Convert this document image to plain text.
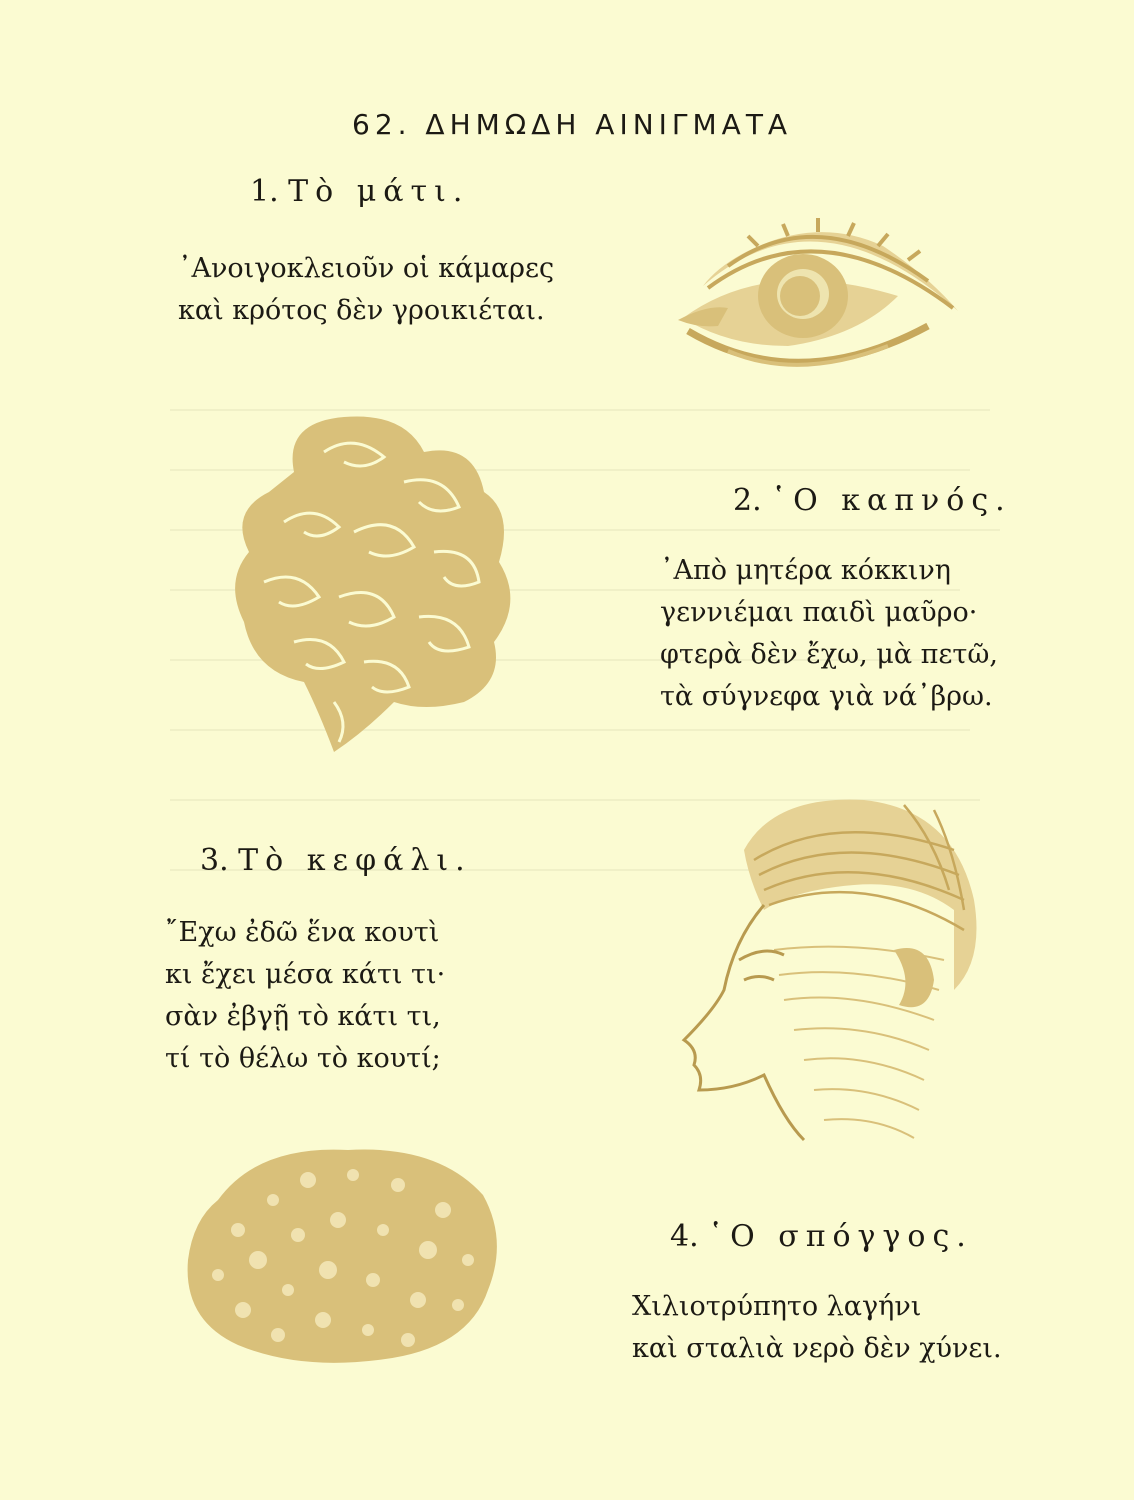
62. ΔΗΜΩΔΗ ΑΙΝΙΓΜΑΤΑ
1. Τὸ μάτι.
᾿Ανοιγοκλειοῦν οἱ κάμαρες
καὶ κρότος δὲν γροικιέται.
2. ῾Ο καπνός.
᾿Απὸ μητέρα κόκκινη
γεννιέμαι παιδὶ μαῦρο·
φτερὰ δὲν ἔχω, μὰ πετῶ,
τὰ σύγνεφα γιὰ νά᾿βρω.
3. Τὸ κεφάλι.
῎Εχω ἐδῶ ἕνα κουτὶ
κι ἔχει μέσα κάτι τι·
σὰν ἐβγῇ τὸ κάτι τι,
τί τὸ θέλω τὸ κουτί;
4. ῾Ο σπόγγος.
Χιλιοτρύπητο λαγήνι
καὶ σταλιὰ νερὸ δὲν χύνει.
